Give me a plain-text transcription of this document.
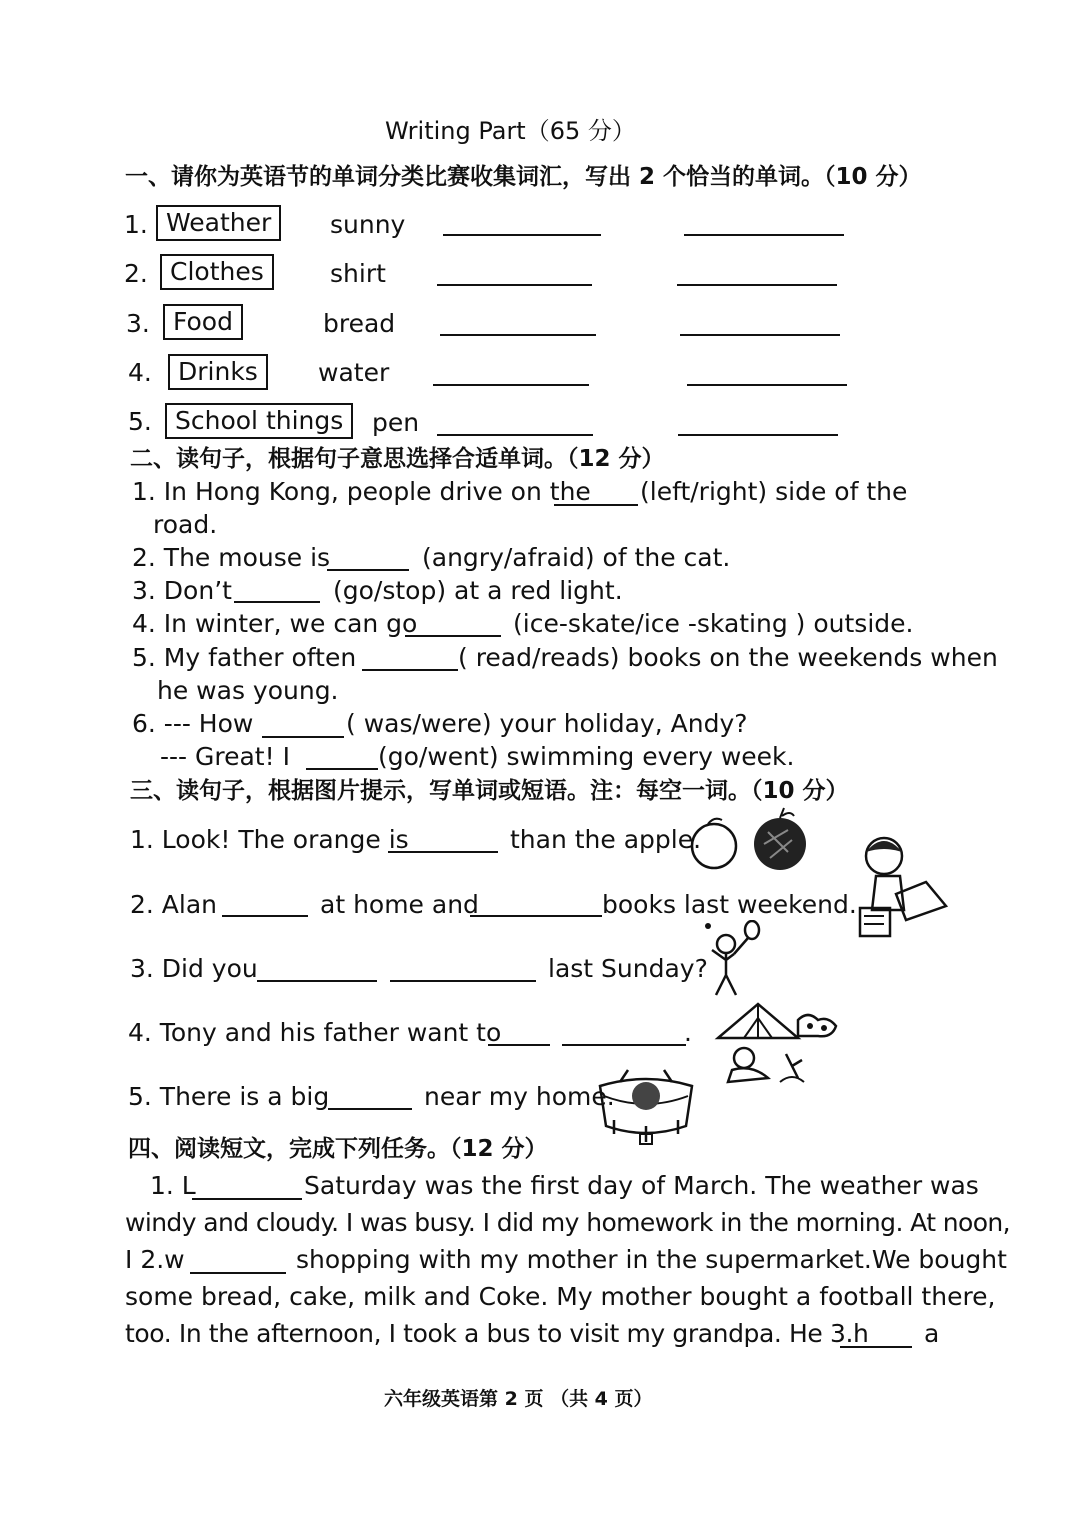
Writing Part（65 分）
一、请你为英语节的单词分类比赛收集词汇，写出 2 个恰当的单词。（10 分）
1. Weather	sunny
2. Clothes	shirt
3. Food	bread
4.	Drinks	water
5. School things	pen
二、读句子，根据句子意思选择合适单词。（12 分）
1. In Hong Kong, people drive on the (left/right) side of the
road.
2. The mouse is	(angry/afraid) of the cat.
3. Don’t	(go/stop) at a red light.
4. In winter, we can go	(ice-skate/ice -skating ) outside.
5. My father often	( read/reads) books on the weekends when
he was young.
6. --- How	( was/were) your holiday, Andy?
--- Great! I	(go/went) swimming every week.
三、读句子，根据图片提示，写单词或短语。注：每空一词。（10 分）
1. Look! The orange is	than the apple.
2. Alan	at home and	books last weekend.
3. Did you	last Sunday?
4. Tony and his father want to	.
5. There is a big	near my home.
四、阅读短文，完成下列任务。（12 分）
1. L	Saturday was the first day of March. The weather was
windy and cloudy. I was busy. I did my homework in the morning. At noon,
I 2.w	shopping with my mother in the supermarket.We bought
some bread, cake, milk and Coke. My mother bought a football there,
too. In the afternoon, I took a bus to visit my grandpa. He 3.h a
六年级英语第 2 页 （共 4 页）
